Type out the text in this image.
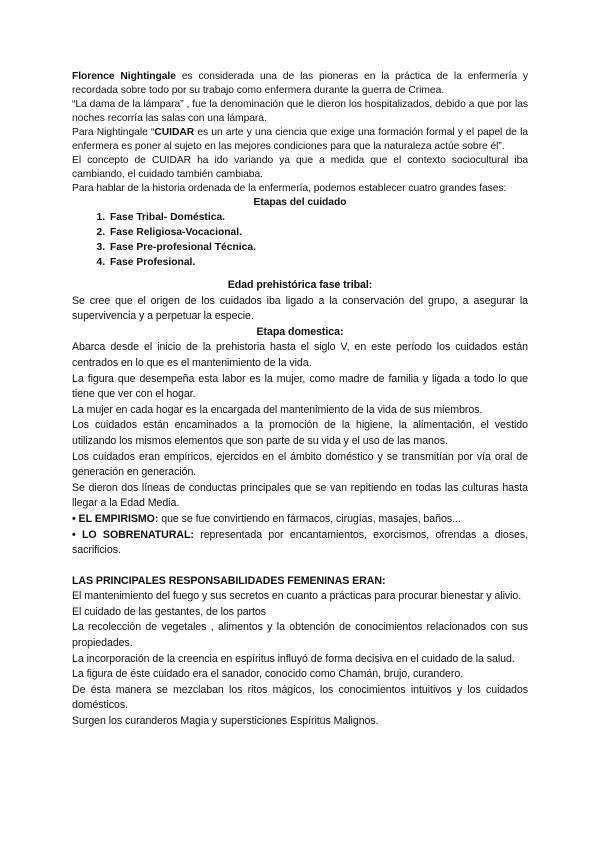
Florence Nightingale es considerada una de las pioneras en la práctica de la enfermería y recordada sobre todo por su trabajo como enfermera durante la guerra de Crimea.

“La dama de la lámpara” , fue la denominación que le dieron los hospitalizados, debido a que por las noches recorría las salas con una lámpara.

Para Nightingale “CUIDAR es un arte y una ciencia que exige una formación formal y el papel de la enfermera es poner al sujeto en las mejores condiciones para que la naturaleza actúe sobre él”.

El concepto de CUIDAR ha ido variando ya que a medida que el contexto sociocultural iba cambiando, el cuidado también cambiaba.

Para hablar de la historia ordenada de la enfermería, podemos establecer cuatro grandes fases:

Etapas del cuidado

1. Fase Tribal- Doméstica.
2. Fase Religiosa-Vocacional.
3. Fase Pre-profesional Técnica.
4. Fase Profesional.

Edad prehistórica fase tribal:

Se cree que el origen de los cuidados iba ligado a la conservación del grupo, a asegurar la supervivencia y a perpetuar la especie.

Etapa domestica:

Abarca desde el inicio de la prehistoria hasta el siglo V, en este período los cuidados están centrados en lo que es el mantenimiento de la vida.

La figura que desempeña esta labor es la mujer, como madre de familia y ligada a todo lo que tiene que ver con el hogar.

La mujer en cada hogar es la encargada del mantenimiento de la vida de sus miembros.

Los cuidados están encaminados a la promoción de la higiene, la alimentación, el vestido utilizando los mismos elementos que son parte de su vida y el uso de las manos.

Los cuidados eran empíricos, ejercidos en el ámbito doméstico y se transmitían por vía oral de generación en generación.

Se dieron dos líneas de conductas principales que se van repitiendo en todas las culturas hasta llegar a la Edad Media.

• EL EMPIRISMO: que se fue convirtiendo en fármacos, cirugías, masajes, baños...

• LO SOBRENATURAL: representada por encantamientos, exorcismos, ofrendas a dioses, sacrificios.

LAS PRINCIPALES RESPONSABILIDADES FEMENINAS ERAN:

El mantenimiento del fuego y sus secretos en cuanto a prácticas para procurar bienestar y alivio.

El cuidado de las gestantes, de los partos

La recolección de vegetales , alimentos y la obtención de conocimientos relacionados con sus propiedades.

La incorporación de la creencia en espíritus influyó de forma decisiva en el cuidado de la salud.

La figura de éste cuidado era el sanador, conocido como Chamán, brujo, curandero.

De ésta manera se mezclaban los ritos mágicos, los conocimientos intuitivos y los cuidados domésticos.

Surgen los curanderos Magia y supersticiones Espíritus Malignos.
